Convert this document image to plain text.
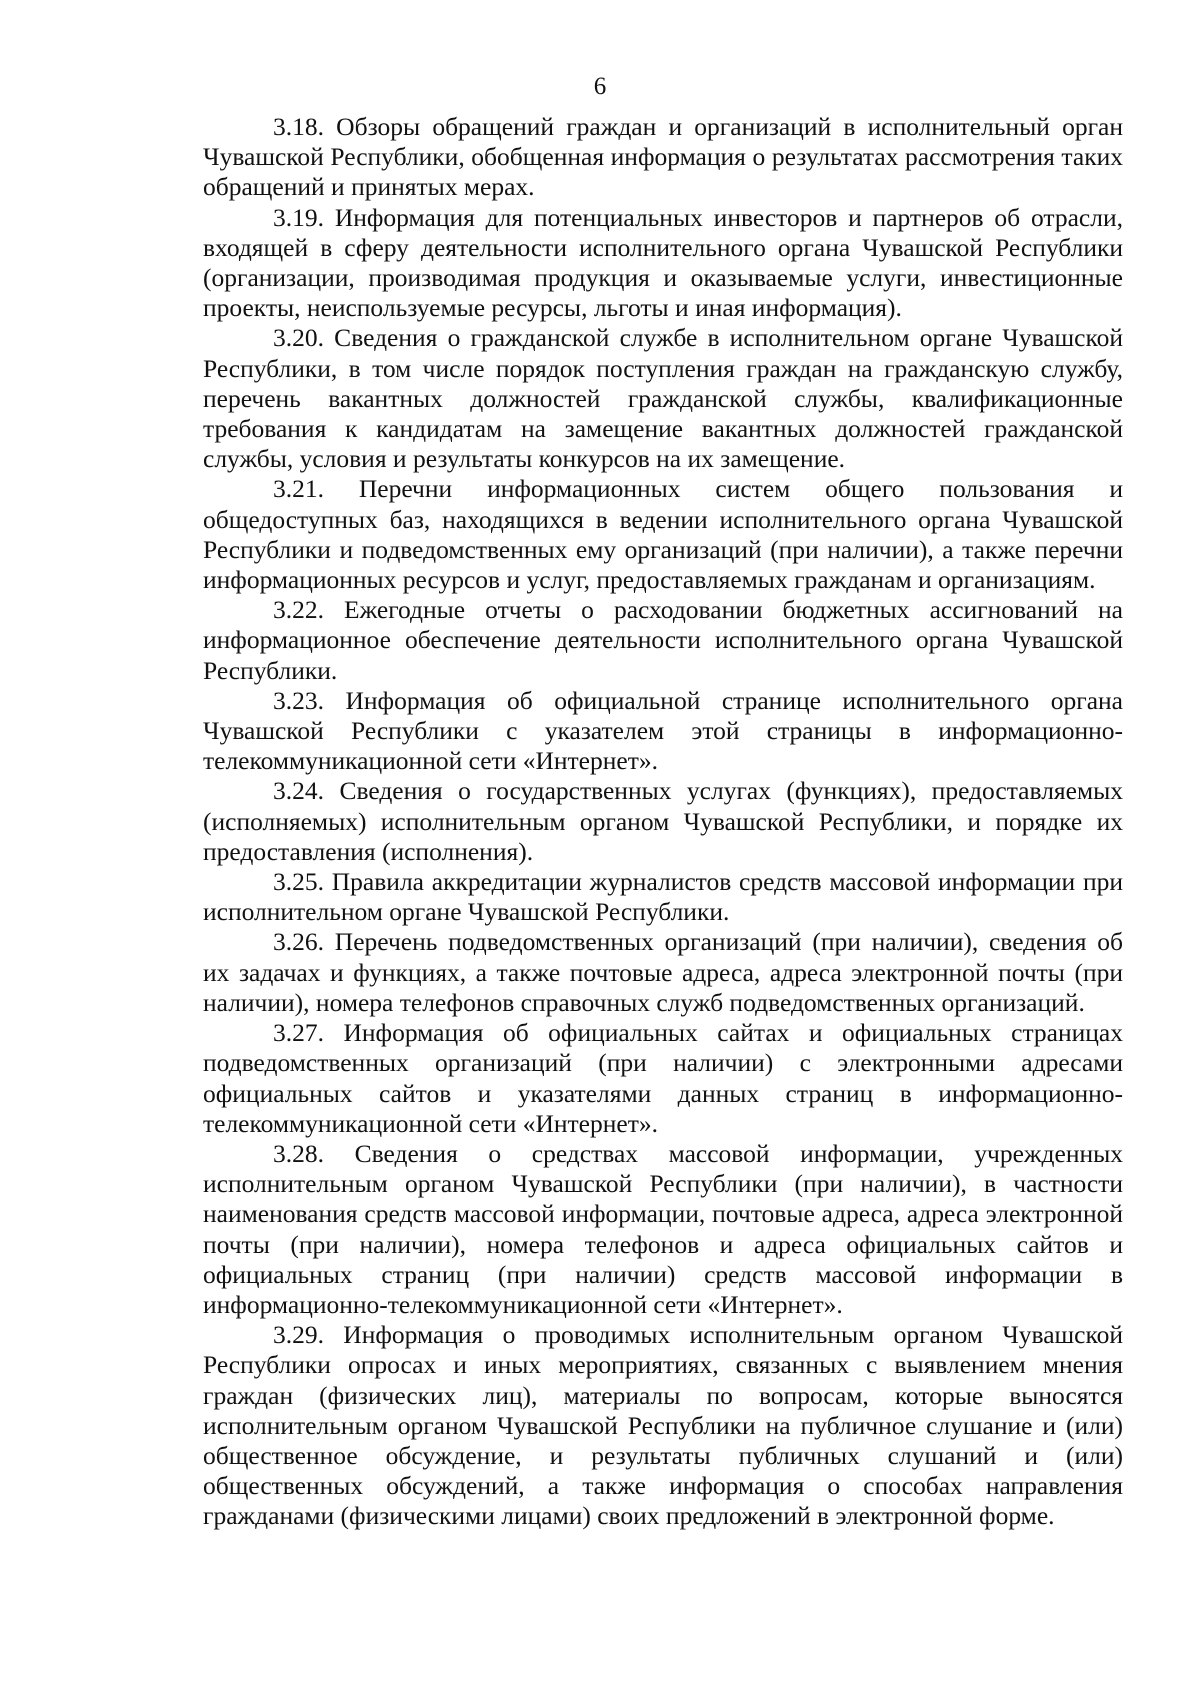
6

3.18. Обзоры обращений граждан и организаций в исполнительный орган Чувашской Республики, обобщенная информация о результатах рассмотрения таких обращений и принятых мерах.

3.19. Информация для потенциальных инвесторов и партнеров об отрасли, входящей в сферу деятельности исполнительного органа Чувашской Республики (организации, производимая продукция и оказываемые услуги, инвестиционные проекты, неиспользуемые ресурсы, льготы и иная информация).

3.20. Сведения о гражданской службе в исполнительном органе Чувашской Республики, в том числе порядок поступления граждан на гражданскую службу, перечень вакантных должностей гражданской службы, квалификационные требования к кандидатам на замещение вакантных должностей гражданской службы, условия и результаты конкурсов на их замещение.

3.21. Перечни информационных систем общего пользования и общедоступных баз, находящихся в ведении исполнительного органа Чувашской Республики и подведомственных ему организаций (при наличии), а также перечни информационных ресурсов и услуг, предоставляемых гражданам и организациям.

3.22. Ежегодные отчеты о расходовании бюджетных ассигнований на информационное обеспечение деятельности исполнительного органа Чувашской Республики.

3.23. Информация об официальной странице исполнительного органа Чувашской Республики с указателем этой страницы в информационно-телекоммуникационной сети «Интернет».

3.24. Сведения о государственных услугах (функциях), предоставляемых (исполняемых) исполнительным органом Чувашской Республики, и порядке их предоставления (исполнения).

3.25. Правила аккредитации журналистов средств массовой информации при исполнительном органе Чувашской Республики.

3.26. Перечень подведомственных организаций (при наличии), сведения об их задачах и функциях, а также почтовые адреса, адреса электронной почты (при наличии), номера телефонов справочных служб подведомственных организаций.

3.27. Информация об официальных сайтах и официальных страницах подведомственных организаций (при наличии) с электронными адресами официальных сайтов и указателями данных страниц в информационно-телекоммуникационной сети «Интернет».

3.28. Сведения о средствах массовой информации, учрежденных исполнительным органом Чувашской Республики (при наличии), в частности наименования средств массовой информации, почтовые адреса, адреса электронной почты (при наличии), номера телефонов и адреса официальных сайтов и официальных страниц (при наличии) средств массовой информации в информационно-телекоммуникационной сети «Интернет».

3.29. Информация о проводимых исполнительным органом Чувашской Республики опросах и иных мероприятиях, связанных с выявлением мнения граждан (физических лиц), материалы по вопросам, которые выносятся исполнительным органом Чувашской Республики на публичное слушание и (или) общественное обсуждение, и результаты публичных слушаний и (или) общественных обсуждений, а также информация о способах направления гражданами (физическими лицами) своих предложений в электронной форме.
